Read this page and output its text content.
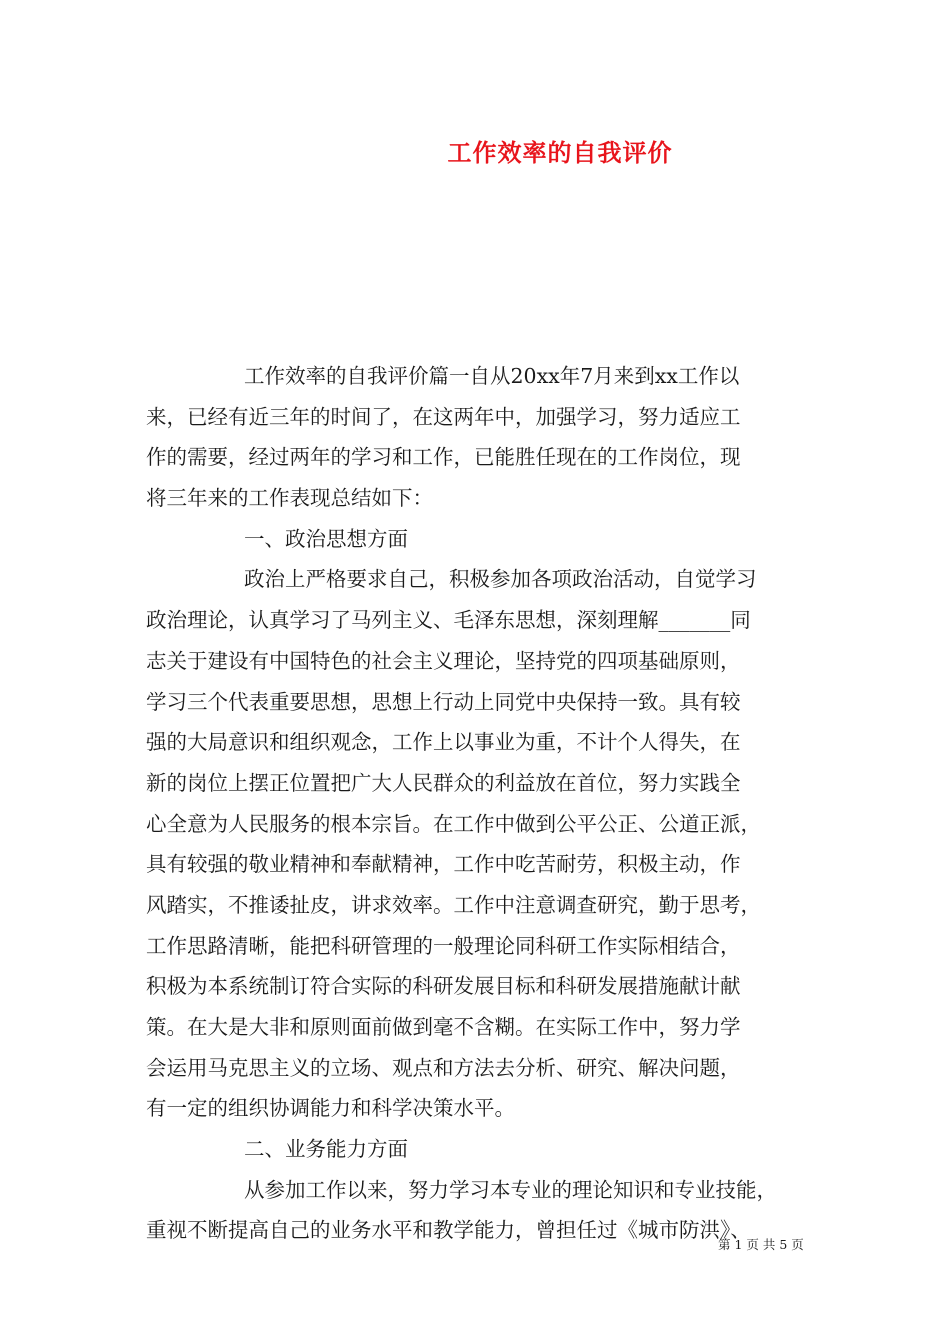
工作效率的自我评价
工作效率的自我评价篇一自从20xx年7月来到xx工作以
来，已经有近三年的时间了，在这两年中，加强学习，努力适应工
作的需要，经过两年的学习和工作，已能胜任现在的工作岗位，现
将三年来的工作表现总结如下：
一、政治思想方面
政治上严格要求自己，积极参加各项政治活动，自觉学习
政治理论，认真学习了马列主义、毛泽东思想，深刻理解_______同
志关于建设有中国特色的社会主义理论，坚持党的四项基础原则，
学习三个代表重要思想，思想上行动上同党中央保持一致。具有较
强的大局意识和组织观念，工作上以事业为重，不计个人得失，在
新的岗位上摆正位置把广大人民群众的利益放在首位，努力实践全
心全意为人民服务的根本宗旨。在工作中做到公平公正、公道正派，
具有较强的敬业精神和奉献精神，工作中吃苦耐劳，积极主动，作
风踏实，不推诿扯皮，讲求效率。工作中注意调查研究，勤于思考，
工作思路清晰，能把科研管理的一般理论同科研工作实际相结合，
积极为本系统制订符合实际的科研发展目标和科研发展措施献计献
策。在大是大非和原则面前做到毫不含糊。在实际工作中，努力学
会运用马克思主义的立场、观点和方法去分析、研究、解决问题，
有一定的组织协调能力和科学决策水平。
二、业务能力方面
从参加工作以来，努力学习本专业的理论知识和专业技能，
重视不断提高自己的业务水平和教学能力，曾担任过《城市防洪》、
第 1 页 共 5 页
